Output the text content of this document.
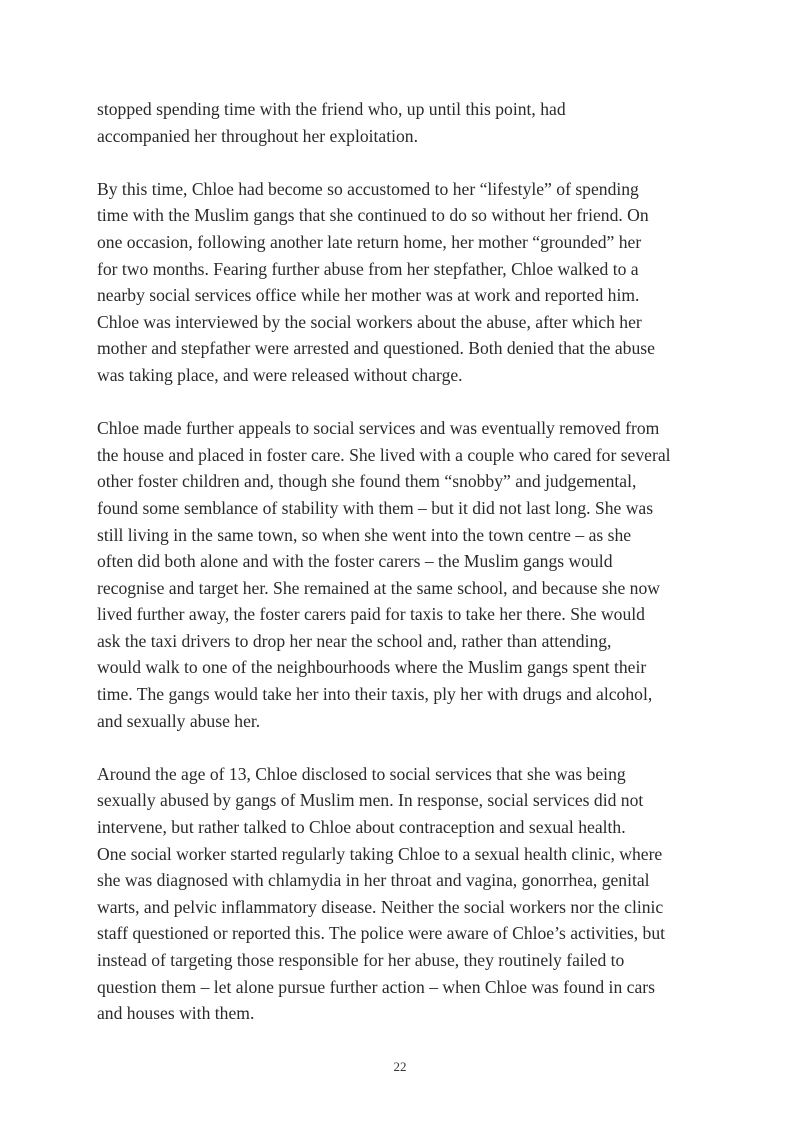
stopped spending time with the friend who, up until this point, had
accompanied her throughout her exploitation.

By this time, Chloe had become so accustomed to her “lifestyle” of spending
time with the Muslim gangs that she continued to do so without her friend. On
one occasion, following another late return home, her mother “grounded” her
for two months. Fearing further abuse from her stepfather, Chloe walked to a
nearby social services office while her mother was at work and reported him.
Chloe was interviewed by the social workers about the abuse, after which her
mother and stepfather were arrested and questioned. Both denied that the abuse
was taking place, and were released without charge.

Chloe made further appeals to social services and was eventually removed from
the house and placed in foster care. She lived with a couple who cared for several
other foster children and, though she found them “snobby” and judgemental,
found some semblance of stability with them – but it did not last long. She was
still living in the same town, so when she went into the town centre – as she
often did both alone and with the foster carers – the Muslim gangs would
recognise and target her. She remained at the same school, and because she now
lived further away, the foster carers paid for taxis to take her there. She would
ask the taxi drivers to drop her near the school and, rather than attending,
would walk to one of the neighbourhoods where the Muslim gangs spent their
time. The gangs would take her into their taxis, ply her with drugs and alcohol,
and sexually abuse her.

Around the age of 13, Chloe disclosed to social services that she was being
sexually abused by gangs of Muslim men. In response, social services did not
intervene, but rather talked to Chloe about contraception and sexual health.
One social worker started regularly taking Chloe to a sexual health clinic, where
she was diagnosed with chlamydia in her throat and vagina, gonorrhea, genital
warts, and pelvic inflammatory disease. Neither the social workers nor the clinic
staff questioned or reported this. The police were aware of Chloe’s activities, but
instead of targeting those responsible for her abuse, they routinely failed to
question them – let alone pursue further action – when Chloe was found in cars
and houses with them.

22
